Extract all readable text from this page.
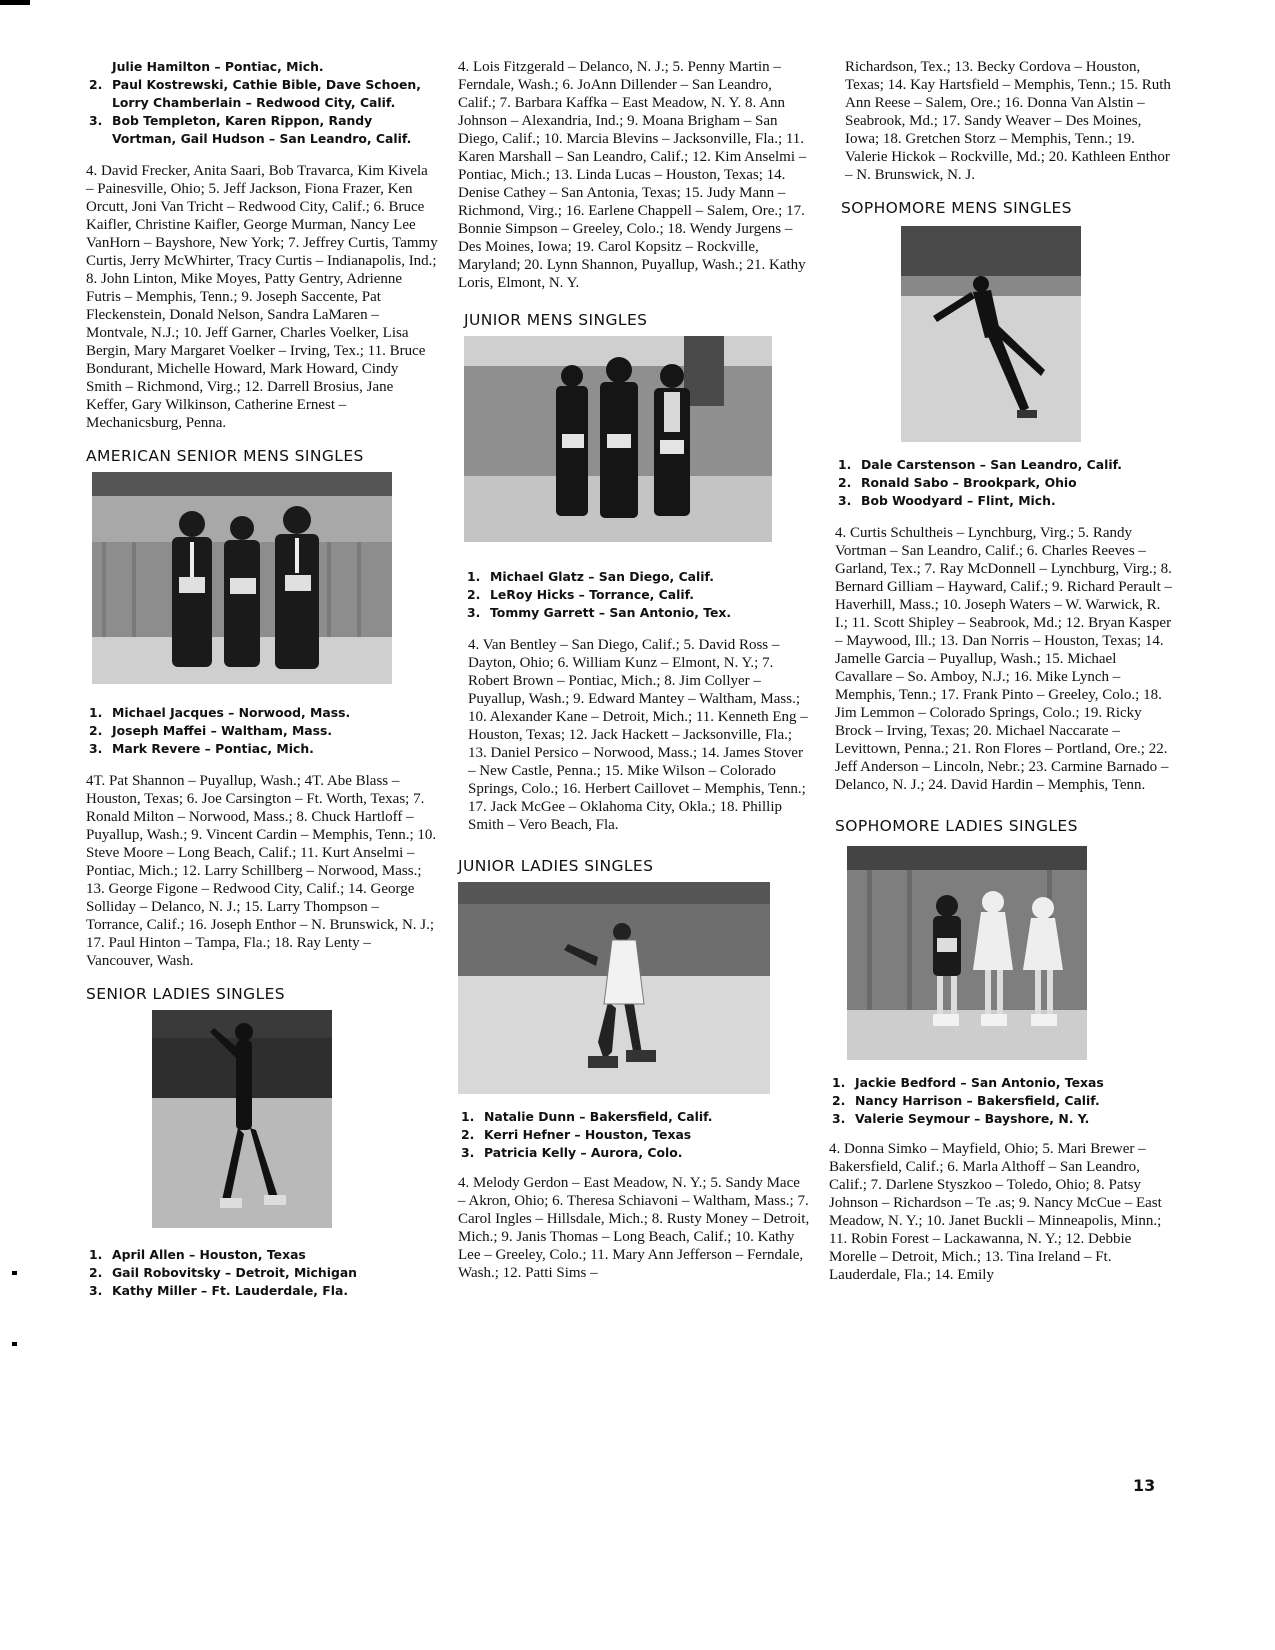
Julie Hamilton – Pontiac, Mich.
2. Paul Kostrewski, Cathie Bible, Dave Schoen, Lorry Chamberlain – Redwood City, Calif.
3. Bob Templeton, Karen Rippon, Randy Vortman, Gail Hudson – San Leandro, Calif.

4. David Frecker, Anita Saari, Bob Travarca, Kim Kivela – Painesville, Ohio; 5. Jeff Jackson, Fiona Frazer, Ken Orcutt, Joni Van Tricht – Redwood City, Calif.; 6. Bruce Kaifler, Christine Kaifler, George Murman, Nancy Lee VanHorn – Bayshore, New York; 7. Jeffrey Curtis, Tammy Curtis, Jerry McWhirter, Tracy Curtis – Indianapolis, Ind.; 8. John Linton, Mike Moyes, Patty Gentry, Adrienne Futris – Memphis, Tenn.; 9. Joseph Saccente, Pat Fleckenstein, Donald Nelson, Sandra LaMaren – Montvale, N.J.; 10. Jeff Garner, Charles Voelker, Lisa Bergin, Mary Margaret Voelker – Irving, Tex.; 11. Bruce Bondurant, Michelle Howard, Mark Howard, Cindy Smith – Richmond, Virg.; 12. Darrell Brosius, Jane Keffer, Gary Wilkinson, Catherine Ernest – Mechanicsburg, Penna.

AMERICAN SENIOR MENS SINGLES
1. Michael Jacques – Norwood, Mass.
2. Joseph Maffei – Waltham, Mass.
3. Mark Revere – Pontiac, Mich.

4T. Pat Shannon – Puyallup, Wash.; 4T. Abe Blass – Houston, Texas; 6. Joe Carsington – Ft. Worth, Texas; 7. Ronald Milton – Norwood, Mass.; 8. Chuck Hartloff – Puyallup, Wash.; 9. Vincent Cardin – Memphis, Tenn.; 10. Steve Moore – Long Beach, Calif.; 11. Kurt Anselmi – Pontiac, Mich.; 12. Larry Schillberg – Norwood, Mass.; 13. George Figone – Redwood City, Calif.; 14. George Solliday – Delanco, N. J.; 15. Larry Thompson – Torrance, Calif.; 16. Joseph Enthor – N. Brunswick, N. J.; 17. Paul Hinton – Tampa, Fla.; 18. Ray Lenty – Vancouver, Wash.

SENIOR LADIES SINGLES
1. April Allen – Houston, Texas
2. Gail Robovitsky – Detroit, Michigan
3. Kathy Miller – Ft. Lauderdale, Fla.

4. Lois Fitzgerald – Delanco, N. J.; 5. Penny Martin – Ferndale, Wash.; 6. JoAnn Dillender – San Leandro, Calif.; 7. Barbara Kaffka – East Meadow, N. Y. 8. Ann Johnson – Alexandria, Ind.; 9. Moana Brigham – San Diego, Calif.; 10. Marcia Blevins – Jacksonville, Fla.; 11. Karen Marshall – San Leandro, Calif.; 12. Kim Anselmi – Pontiac, Mich.; 13. Linda Lucas – Houston, Texas; 14. Denise Cathey – San Antonia, Texas; 15. Judy Mann – Richmond, Virg.; 16. Earlene Chappell – Salem, Ore.; 17. Bonnie Simpson – Greeley, Colo.; 18. Wendy Jurgens – Des Moines, Iowa; 19. Carol Kopsitz – Rockville, Maryland; 20. Lynn Shannon, Puyallup, Wash.; 21. Kathy Loris, Elmont, N. Y.

JUNIOR MENS SINGLES
1. Michael Glatz – San Diego, Calif.
2. LeRoy Hicks – Torrance, Calif.
3. Tommy Garrett – San Antonio, Tex.

4. Van Bentley – San Diego, Calif.; 5. David Ross – Dayton, Ohio; 6. William Kunz – Elmont, N. Y.; 7. Robert Brown – Pontiac, Mich.; 8. Jim Collyer – Puyallup, Wash.; 9. Edward Mantey – Waltham, Mass.; 10. Alexander Kane – Detroit, Mich.; 11. Kenneth Eng – Houston, Texas; 12. Jack Hackett – Jacksonville, Fla.; 13. Daniel Persico – Norwood, Mass.; 14. James Stover – New Castle, Penna.; 15. Mike Wilson – Colorado Springs, Colo.; 16. Herbert Caillovet – Memphis, Tenn.; 17. Jack McGee – Oklahoma City, Okla.; 18. Phillip Smith – Vero Beach, Fla.

JUNIOR LADIES SINGLES
1. Natalie Dunn – Bakersfield, Calif.
2. Kerri Hefner – Houston, Texas
3. Patricia Kelly – Aurora, Colo.

4. Melody Gerdon – East Meadow, N. Y.; 5. Sandy Mace – Akron, Ohio; 6. Theresa Schiavoni – Waltham, Mass.; 7. Carol Ingles – Hillsdale, Mich.; 8. Rusty Money – Detroit, Mich.; 9. Janis Thomas – Long Beach, Calif.; 10. Kathy Lee – Greeley, Colo.; 11. Mary Ann Jefferson – Ferndale, Wash.; 12. Patti Sims –

Richardson, Tex.; 13. Becky Cordova – Houston, Texas; 14. Kay Hartsfield – Memphis, Tenn.; 15. Ruth Ann Reese – Salem, Ore.; 16. Donna Van Alstin – Seabrook, Md.; 17. Sandy Weaver – Des Moines, Iowa; 18. Gretchen Storz – Memphis, Tenn.; 19. Valerie Hickok – Rockville, Md.; 20. Kathleen Enthor – N. Brunswick, N. J.

SOPHOMORE MENS SINGLES
1. Dale Carstenson – San Leandro, Calif.
2. Ronald Sabo – Brookpark, Ohio
3. Bob Woodyard – Flint, Mich.

4. Curtis Schultheis – Lynchburg, Virg.; 5. Randy Vortman – San Leandro, Calif.; 6. Charles Reeves – Garland, Tex.; 7. Ray McDonnell – Lynchburg, Virg.; 8. Bernard Gilliam – Hayward, Calif.; 9. Richard Perault – Haverhill, Mass.; 10. Joseph Waters – W. Warwick, R. I.; 11. Scott Shipley – Seabrook, Md.; 12. Bryan Kasper – Maywood, Ill.; 13. Dan Norris – Houston, Texas; 14. Jamelle Garcia – Puyallup, Wash.; 15. Michael Cavallare – So. Amboy, N.J.; 16. Mike Lynch – Memphis, Tenn.; 17. Frank Pinto – Greeley, Colo.; 18. Jim Lemmon – Colorado Springs, Colo.; 19. Ricky Brock – Irving, Texas; 20. Michael Naccarate – Levittown, Penna.; 21. Ron Flores – Portland, Ore.; 22. Jeff Anderson – Lincoln, Nebr.; 23. Carmine Barnado – Delanco, N. J.; 24. David Hardin – Memphis, Tenn.

SOPHOMORE LADIES SINGLES
1. Jackie Bedford – San Antonio, Texas
2. Nancy Harrison – Bakersfield, Calif.
3. Valerie Seymour – Bayshore, N. Y.

4. Donna Simko – Mayfield, Ohio; 5. Mari Brewer – Bakersfield, Calif.; 6. Marla Althoff – San Leandro, Calif.; 7. Darlene Styszkoo – Toledo, Ohio; 8. Patsy Johnson – Richardson – Te .as; 9. Nancy McCue – East Meadow, N. Y.; 10. Janet Buckli – Minneapolis, Minn.; 11. Robin Forest – Lackawanna, N. Y.; 12. Debbie Morelle – Detroit, Mich.; 13. Tina Ireland – Ft. Lauderdale, Fla.; 14. Emily

13
